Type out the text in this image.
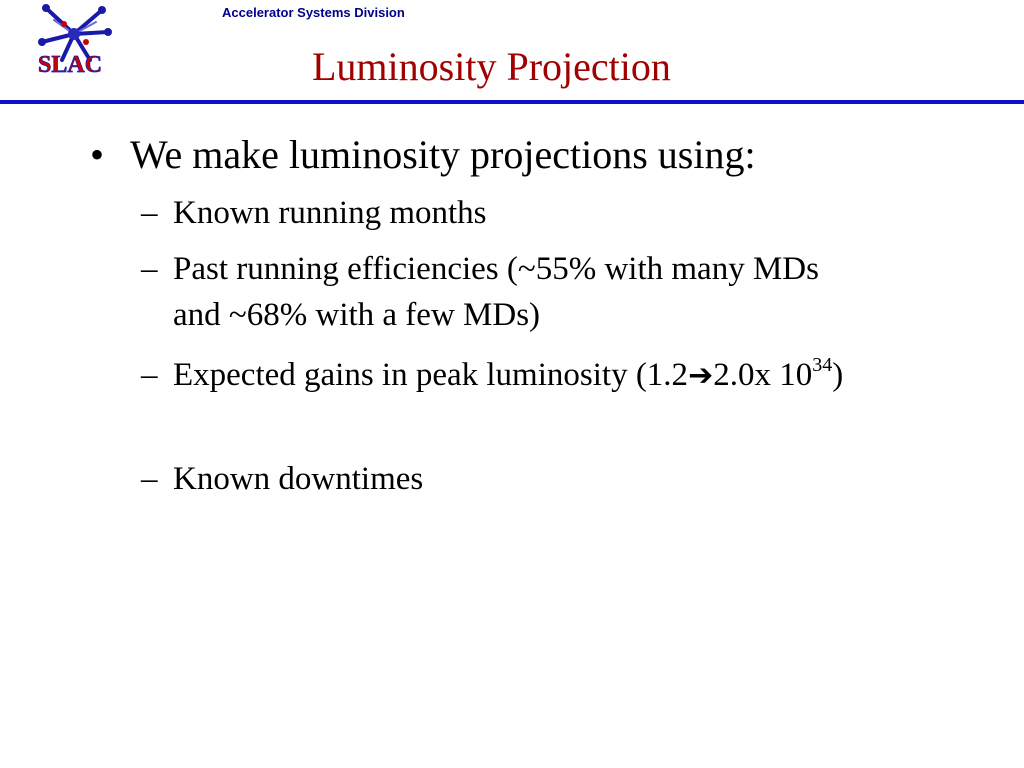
SLAC
Accelerator Systems Division
Luminosity Projection
• We make luminosity projections using:
– Known running months
– Past running efficiencies (~55% with many MDs and ~68% with a few MDs)
– Expected gains in peak luminosity (1.2➔2.0x $10^{34}$)
– Known downtimes
